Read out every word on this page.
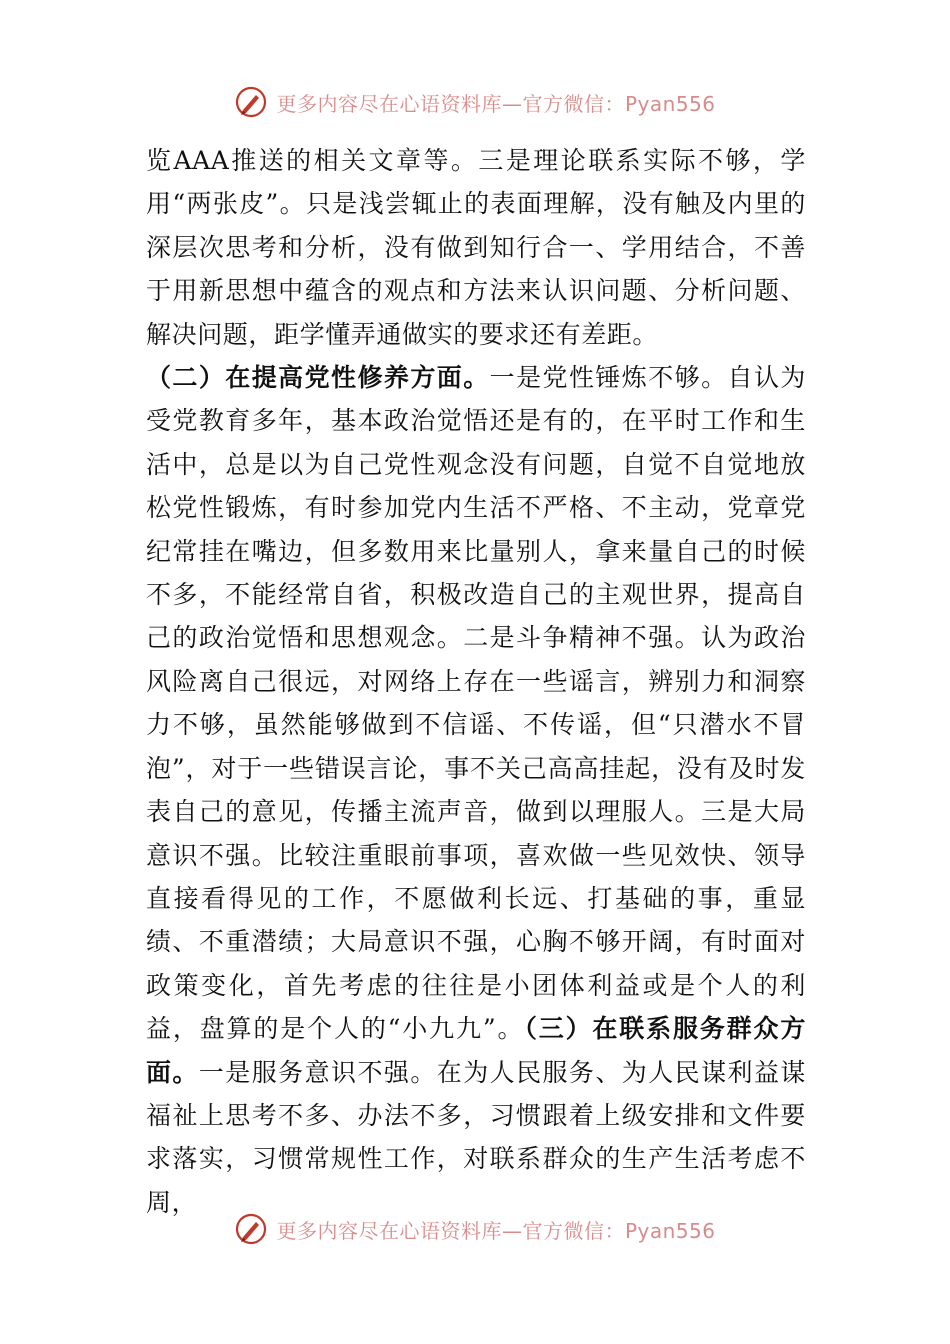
更多内容尽在心语资料库—官方微信：Pyan556

览AAA推送的相关文章等。三是理论联系实际不够，学用“两张皮”。只是浅尝辄止的表面理解，没有触及内里的深层次思考和分析，没有做到知行合一、学用结合，不善于用新思想中蕴含的观点和方法来认识问题、分析问题、解决问题，距学懂弄通做实的要求还有差距。

（二）在提高党性修养方面。一是党性锤炼不够。自认为受党教育多年，基本政治觉悟还是有的，在平时工作和生活中，总是以为自己党性观念没有问题，自觉不自觉地放松党性锻炼，有时参加党内生活不严格、不主动，党章党纪常挂在嘴边，但多数用来比量别人，拿来量自己的时候不多，不能经常自省，积极改造自己的主观世界，提高自己的政治觉悟和思想观念。二是斗争精神不强。认为政治风险离自己很远，对网络上存在一些谣言，辨别力和洞察力不够，虽然能够做到不信谣、不传谣，但“只潜水不冒泡”，对于一些错误言论，事不关己高高挂起，没有及时发表自己的意见，传播主流声音，做到以理服人。三是大局意识不强。比较注重眼前事项，喜欢做一些见效快、领导直接看得见的工作，不愿做利长远、打基础的事，重显绩、不重潜绩；大局意识不强，心胸不够开阔，有时面对政策变化，首先考虑的往往是小团体利益或是个人的利益，盘算的是个人的“小九九”。（三）在联系服务群众方面。一是服务意识不强。在为人民服务、为人民谋利益谋福祉上思考不多、办法不多，习惯跟着上级安排和文件要求落实，习惯常规性工作，对联系群众的生产生活考虑不周，

更多内容尽在心语资料库—官方微信：Pyan556
